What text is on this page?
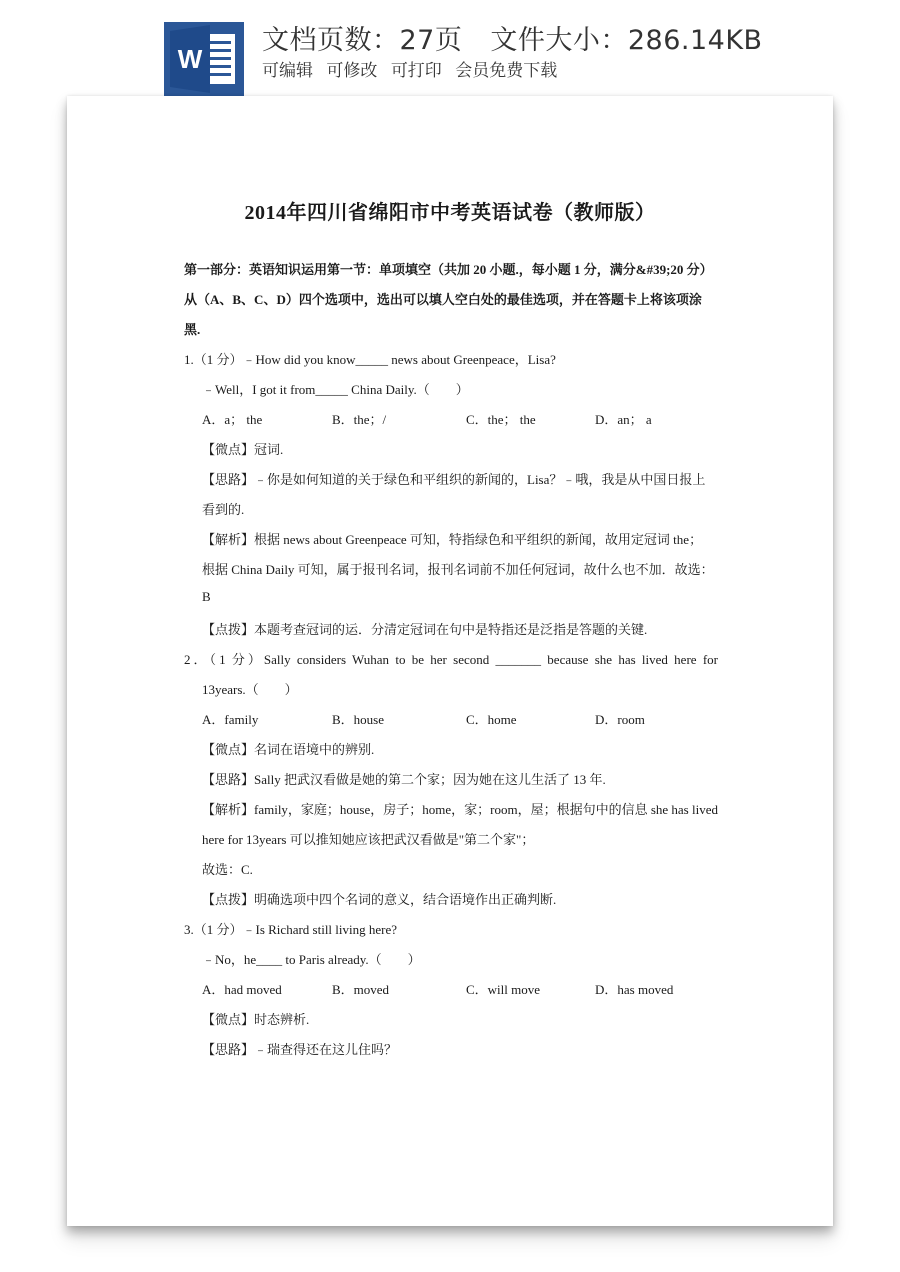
W
文档页数：27页 文件大小：286.14KB
可编辑 可修改 可打印 会员免费下载
2014年四川省绵阳市中考英语试卷（教师版）
第一部分：英语知识运用第一节：单项填空（共加 20 小题.，每小题 1 分，满分&#39;20 分）
从（A、B、C、D）四个选项中，选出可以填人空白处的最佳选项，并在答题卡上将该项涂
黑.
1.（1 分）﹣How did you know_____ news about Greenpeace，Lisa?
﹣Well，I got it from_____ China Daily.（　　）
A．a； the	B．the；/	C．the； the	D．an； a
【微点】冠词.
【思路】﹣你是如何知道的关于绿色和平组织的新闻的，Lisa？﹣哦，我是从中国日报上
看到的.
【解析】根据 news about Greenpeace 可知，特指绿色和平组织的新闻，故用定冠词 the；
根据 China Daily 可知，属于报刊名词，报刊名词前不加任何冠词，故什么也不加．故选：
B
【点拨】本题考查冠词的运．分清定冠词在句中是特指还是泛指是答题的关键.
2．（1 分）Sally considers Wuhan to be her second _______ because she has lived here for
13years.（　　）
A．family	B．house	C．home	D．room
【微点】名词在语境中的辨别.
【思路】Sally 把武汉看做是她的第二个家；因为她在这儿生活了 13 年.
【解析】family，家庭；house，房子；home，家；room，屋；根据句中的信息 she has lived
here for 13years 可以推知她应该把武汉看做是"第二个家"；
故选：C.
【点拨】明确选项中四个名词的意义，结合语境作出正确判断.
3.（1 分）﹣Is Richard still living here?
﹣No，he____ to Paris already.（　　）
A．had moved	B．moved	C．will move	D．has moved
【微点】时态辨析.
【思路】﹣瑞查得还在这儿住吗？
